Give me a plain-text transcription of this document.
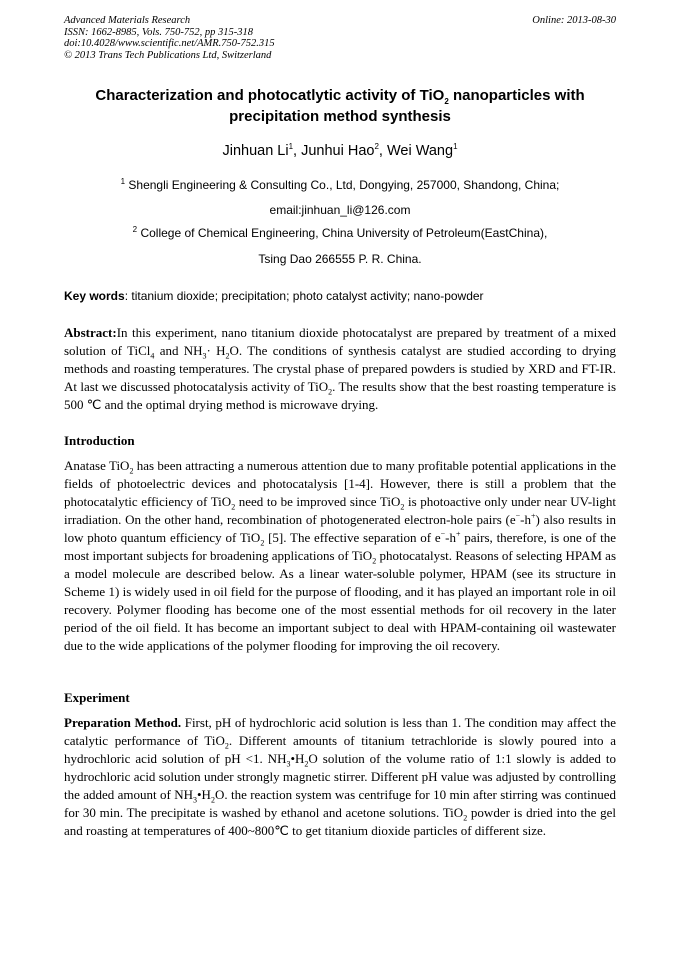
Advanced Materials Research
ISSN: 1662-8985, Vols. 750-752, pp 315-318
doi:10.4028/www.scientific.net/AMR.750-752.315
© 2013 Trans Tech Publications Ltd, Switzerland
Online: 2013-08-30
Characterization and photocatlytic activity of TiO$_2$ nanoparticles with
precipitation method synthesis
Jinhuan Li$^1$, Junhui Hao$^2$, Wei Wang$^1$
$^1$ Shengli Engineering & Consulting Co., Ltd, Dongying, 257000, Shandong, China;
email:jinhuan_li@126.com
$^2$ College of Chemical Engineering, China University of Petroleum(EastChina),
Tsing Dao 266555 P. R. China.
Key words: titanium dioxide; precipitation; photo catalyst activity; nano-powder
Abstract:In this experiment, nano titanium dioxide photocatalyst are prepared by treatment of a mixed solution of TiCl$_4$ and $NH_3\cdot H_2O$. The conditions of synthesis catalyst are studied according to drying methods and roasting temperatures. The crystal phase of prepared powders is studied by XRD and FT-IR. At last we discussed photocatalysis activity of TiO$_2$. The results show that the best roasting temperature is 500 ℃ and the optimal drying method is microwave drying.
Introduction
Anatase TiO$_2$ has been attracting a numerous attention due to many profitable potential applications in the fields of photoelectric devices and photocatalysis [1-4]. However, there is still a problem that the photocatalytic efficiency of TiO$_2$ need to be improved since TiO$_2$ is photoactive only under near UV-light irradiation. On the other hand, recombination of photogenerated electron-hole pairs (e−-h+) also results in low photo quantum efficiency of TiO$_2$ [5]. The effective separation of e−-h+ pairs, therefore, is one of the most important subjects for broadening applications of TiO$_2$ photocatalyst. Reasons of selecting HPAM as a model molecule are described below. As a linear water-soluble polymer, HPAM (see its structure in Scheme 1) is widely used in oil field for the purpose of flooding, and it has played an important role in oil recovery. Polymer flooding has become one of the most essential methods for oil recovery in the later period of the oil field. It has become an important subject to deal with HPAM-containing oil wastewater due to the wide applications of the polymer flooding for improving the oil recovery.
Experiment
Preparation Method. First, pH of hydrochloric acid solution is less than 1. The condition may affect the catalytic performance of TiO$_2$. Different amounts of titanium tetrachloride is slowly poured into a hydrochloric acid solution of pH <1. $NH_3•H_2O$ solution of the volume ratio of 1:1 slowly is added to hydrochloric acid solution under strongly magnetic stirrer. Different pH value was adjusted by controlling the added amount of $NH_3•H_2O$. the reaction system was centrifuge for 10 min after stirring was continued for 30 min. The precipitate is washed by ethanol and acetone solutions. TiO$_2$ powder is dried into the gel and roasting at temperatures of 400~800℃ to get titanium dioxide particles of different size.
